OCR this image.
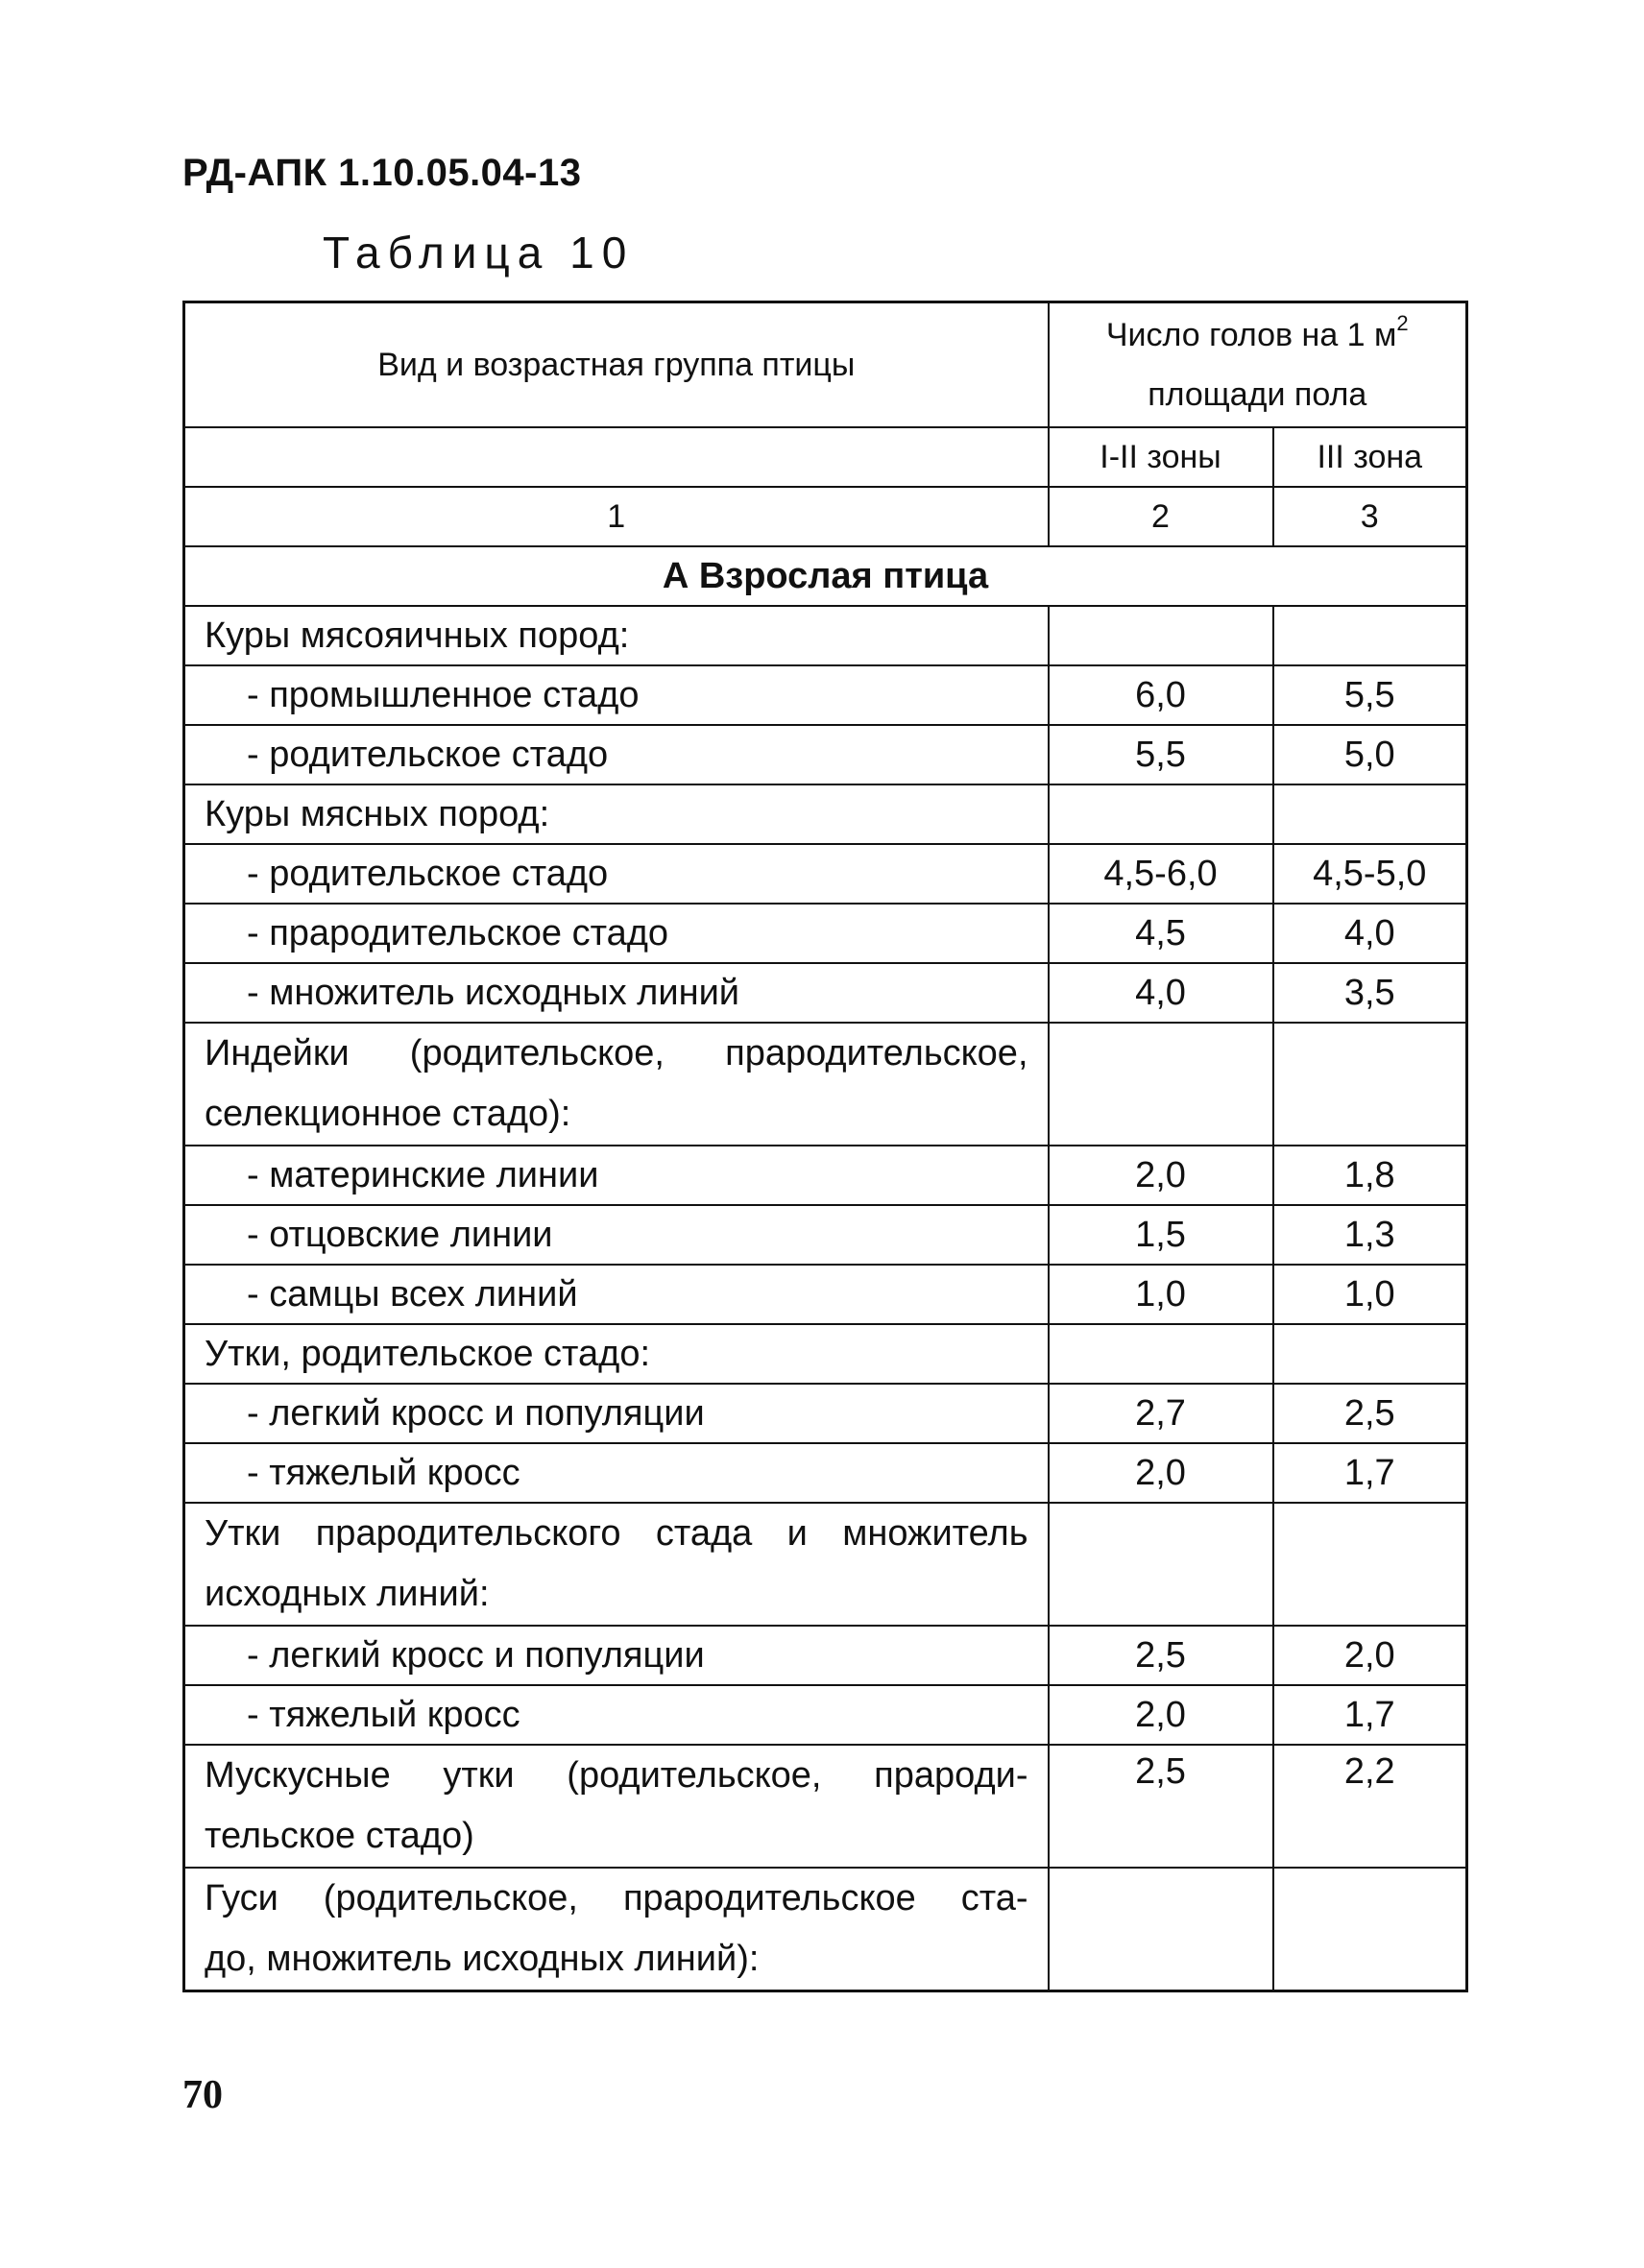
РД-АПК 1.10.05.04-13
Таблица 10
Вид и возрастная группа птицы	Число голов на 1 $м^2$
площади пола	

	I-II зоны	III зона
1	2	3
А Взрослая птица		
Куры мясояичных пород:		
- промышленное стадо	6,0	5,5
- родительское стадо	5,5	5,0
Куры мясных пород:		
- родительское стадо	4,5-6,0	4,5-5,0
- прародительское стадо	4,5	4,0
- множитель исходных линий	4,0	3,5
Индейки (родительское, прародительское,
селекционное стадо):		

- материнские линии	2,0	1,8
- отцовские линии	1,5	1,3
- самцы всех линий	1,0	1,0
Утки, родительское стадо:		
- легкий кросс и популяции	2,7	2,5
- тяжелый кросс	2,0	1,7
Утки прародительского стада и множитель
исходных линий:		

- легкий кросс и популяции	2,5	2,0
- тяжелый кросс	2,0	1,7
Мускусные утки (родительское, прароди-
тельское стадо)	2,5	2,2
Гуси (родительское, прародительское ста-
до, множитель исходных линий):		

70
